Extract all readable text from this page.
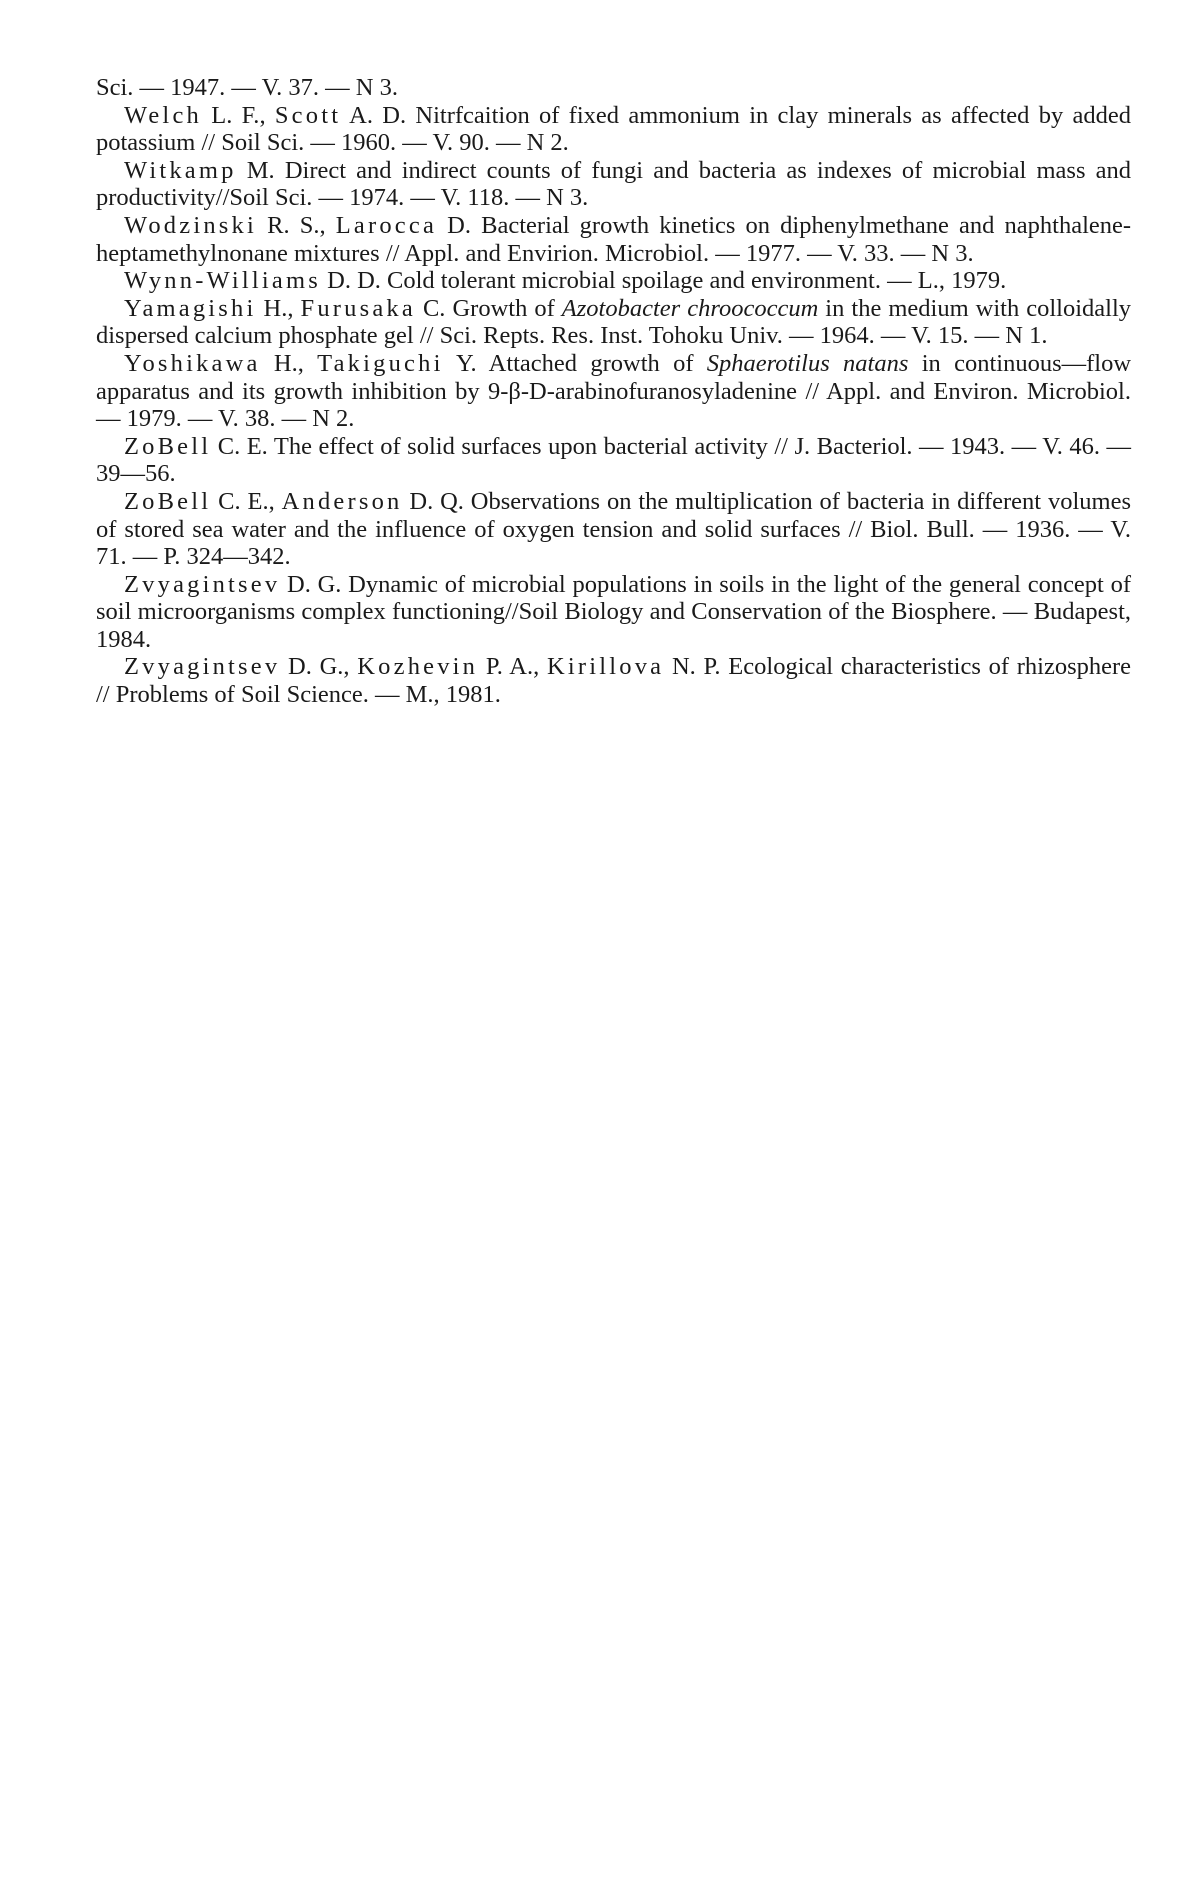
Sci. — 1947. — V. 37. — N 3.

Welch L. F., Scott A. D. Nitrfcaition of fixed ammonium in clay minerals as affected by added potassium // Soil Sci. — 1960. — V. 90. — N 2.

Witkamp M. Direct and indirect counts of fungi and bacteria as indexes of microbial mass and productivity//Soil Sci. — 1974. — V. 118. — N 3.

Wodzinski R. S., Larocca D. Bacterial growth kinetics on diphenylmethane and naphthalene-heptamethylnonane mixtures // Appl. and Envirion. Microbiol. — 1977. — V. 33. — N 3.

Wynn-Williams D. D. Cold tolerant microbial spoilage and environment. — L., 1979.

Yamagishi H., Furusaka C. Growth of Azotobacter chroococcum in the medium with colloidally dispersed calcium phosphate gel // Sci. Repts. Res. Inst. Tohoku Univ. — 1964. — V. 15. — N 1.

Yoshikawa H., Takiguchi Y. Attached growth of Sphaerotilus natans in continuous—flow apparatus and its growth inhibition by 9-β-D-arabinofuranosyladenine // Appl. and Environ. Microbiol. — 1979. — V. 38. — N 2.

ZoBell C. E. The effect of solid surfaces upon bacterial activity // J. Bacteriol. — 1943. — V. 46. — 39—56.

ZoBell C. E., Anderson D. Q. Observations on the multiplication of bacteria in different volumes of stored sea water and the influence of oxygen tension and solid surfaces // Biol. Bull. — 1936. — V. 71. — P. 324—342.

Zvyagintsev D. G. Dynamic of microbial populations in soils in the light of the general concept of soil microorganisms complex functioning//Soil Biology and Conservation of the Biosphere. — Budapest, 1984.

Zvyagintsev D. G., Kozhevin P. A., Kirillova N. P. Ecological characteristics of rhizosphere // Problems of Soil Science. — M., 1981.
